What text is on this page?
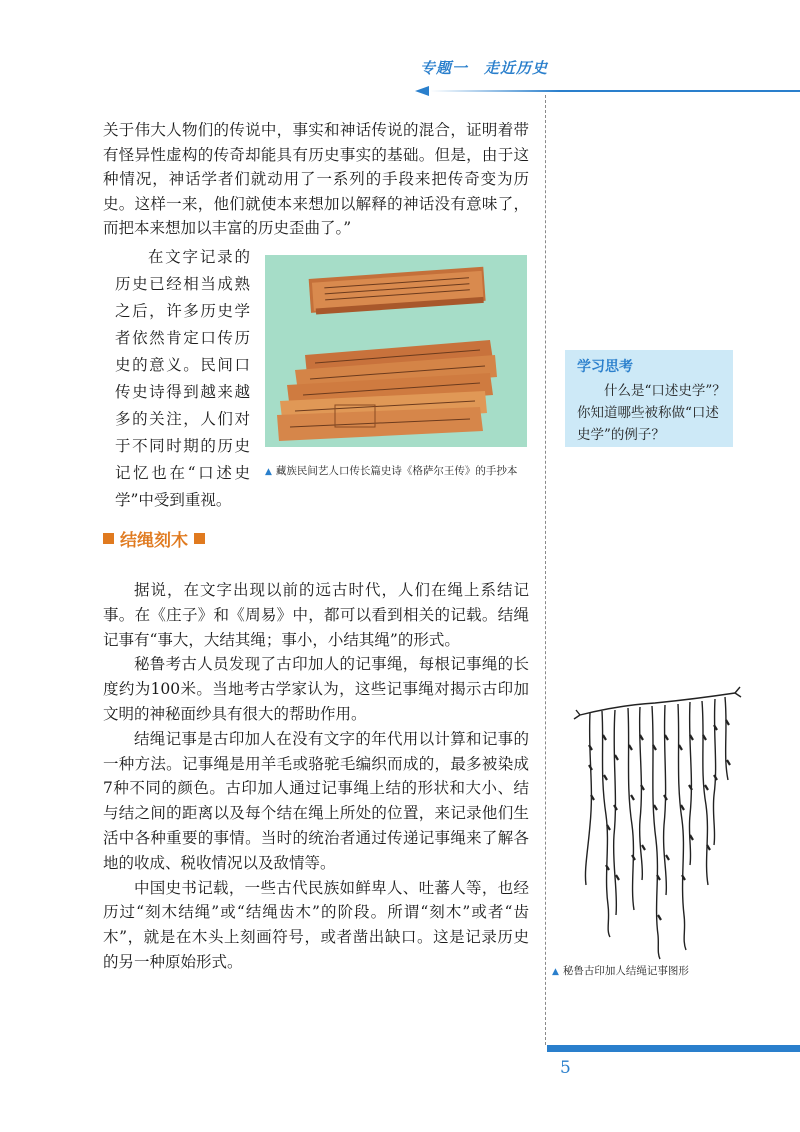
专题一　走近历史

关于伟大人物们的传说中，事实和神话传说的混合，证明着带有怪异性虚构的传奇却能具有历史事实的基础。但是，由于这种情况，神话学者们就动用了一系列的手段来把传奇变为历史。这样一来，他们就使本来想加以解释的神话没有意味了，而把本来想加以丰富的历史歪曲了。”

在文字记录的历史已经相当成熟之后，许多历史学者依然肯定口传历史的意义。民间口传史诗得到越来越多的关注，人们对于不同时期的历史记忆也在“口述史学”中受到重视。
▲ 藏族民间艺人口传长篇史诗《格萨尔王传》的手抄本
结绳刻木

据说，在文字出现以前的远古时代，人们在绳上系结记事。在《庄子》和《周易》中，都可以看到相关的记载。结绳记事有“事大，大结其绳；事小，小结其绳”的形式。

秘鲁考古人员发现了古印加人的记事绳，每根记事绳的长度约为100米。当地考古学家认为，这些记事绳对揭示古印加文明的神秘面纱具有很大的帮助作用。

结绳记事是古印加人在没有文字的年代用以计算和记事的一种方法。记事绳是用羊毛或骆驼毛编织而成的，最多被染成7种不同的颜色。古印加人通过记事绳上结的形状和大小、结与结之间的距离以及每个结在绳上所处的位置，来记录他们生活中各种重要的事情。当时的统治者通过传递记事绳来了解各地的收成、税收情况以及敌情等。

中国史书记载，一些古代民族如鲜卑人、吐蕃人等，也经历过“刻木结绳”或“结绳齿木”的阶段。所谓“刻木”或者“齿木”，就是在木头上刻画符号，或者凿出缺口。这是记录历史的另一种原始形式。

学习思考
什么是“口述史学”？你知道哪些被称做“口述史学”的例子？
▲ 秘鲁古印加人结绳记事图形
5
